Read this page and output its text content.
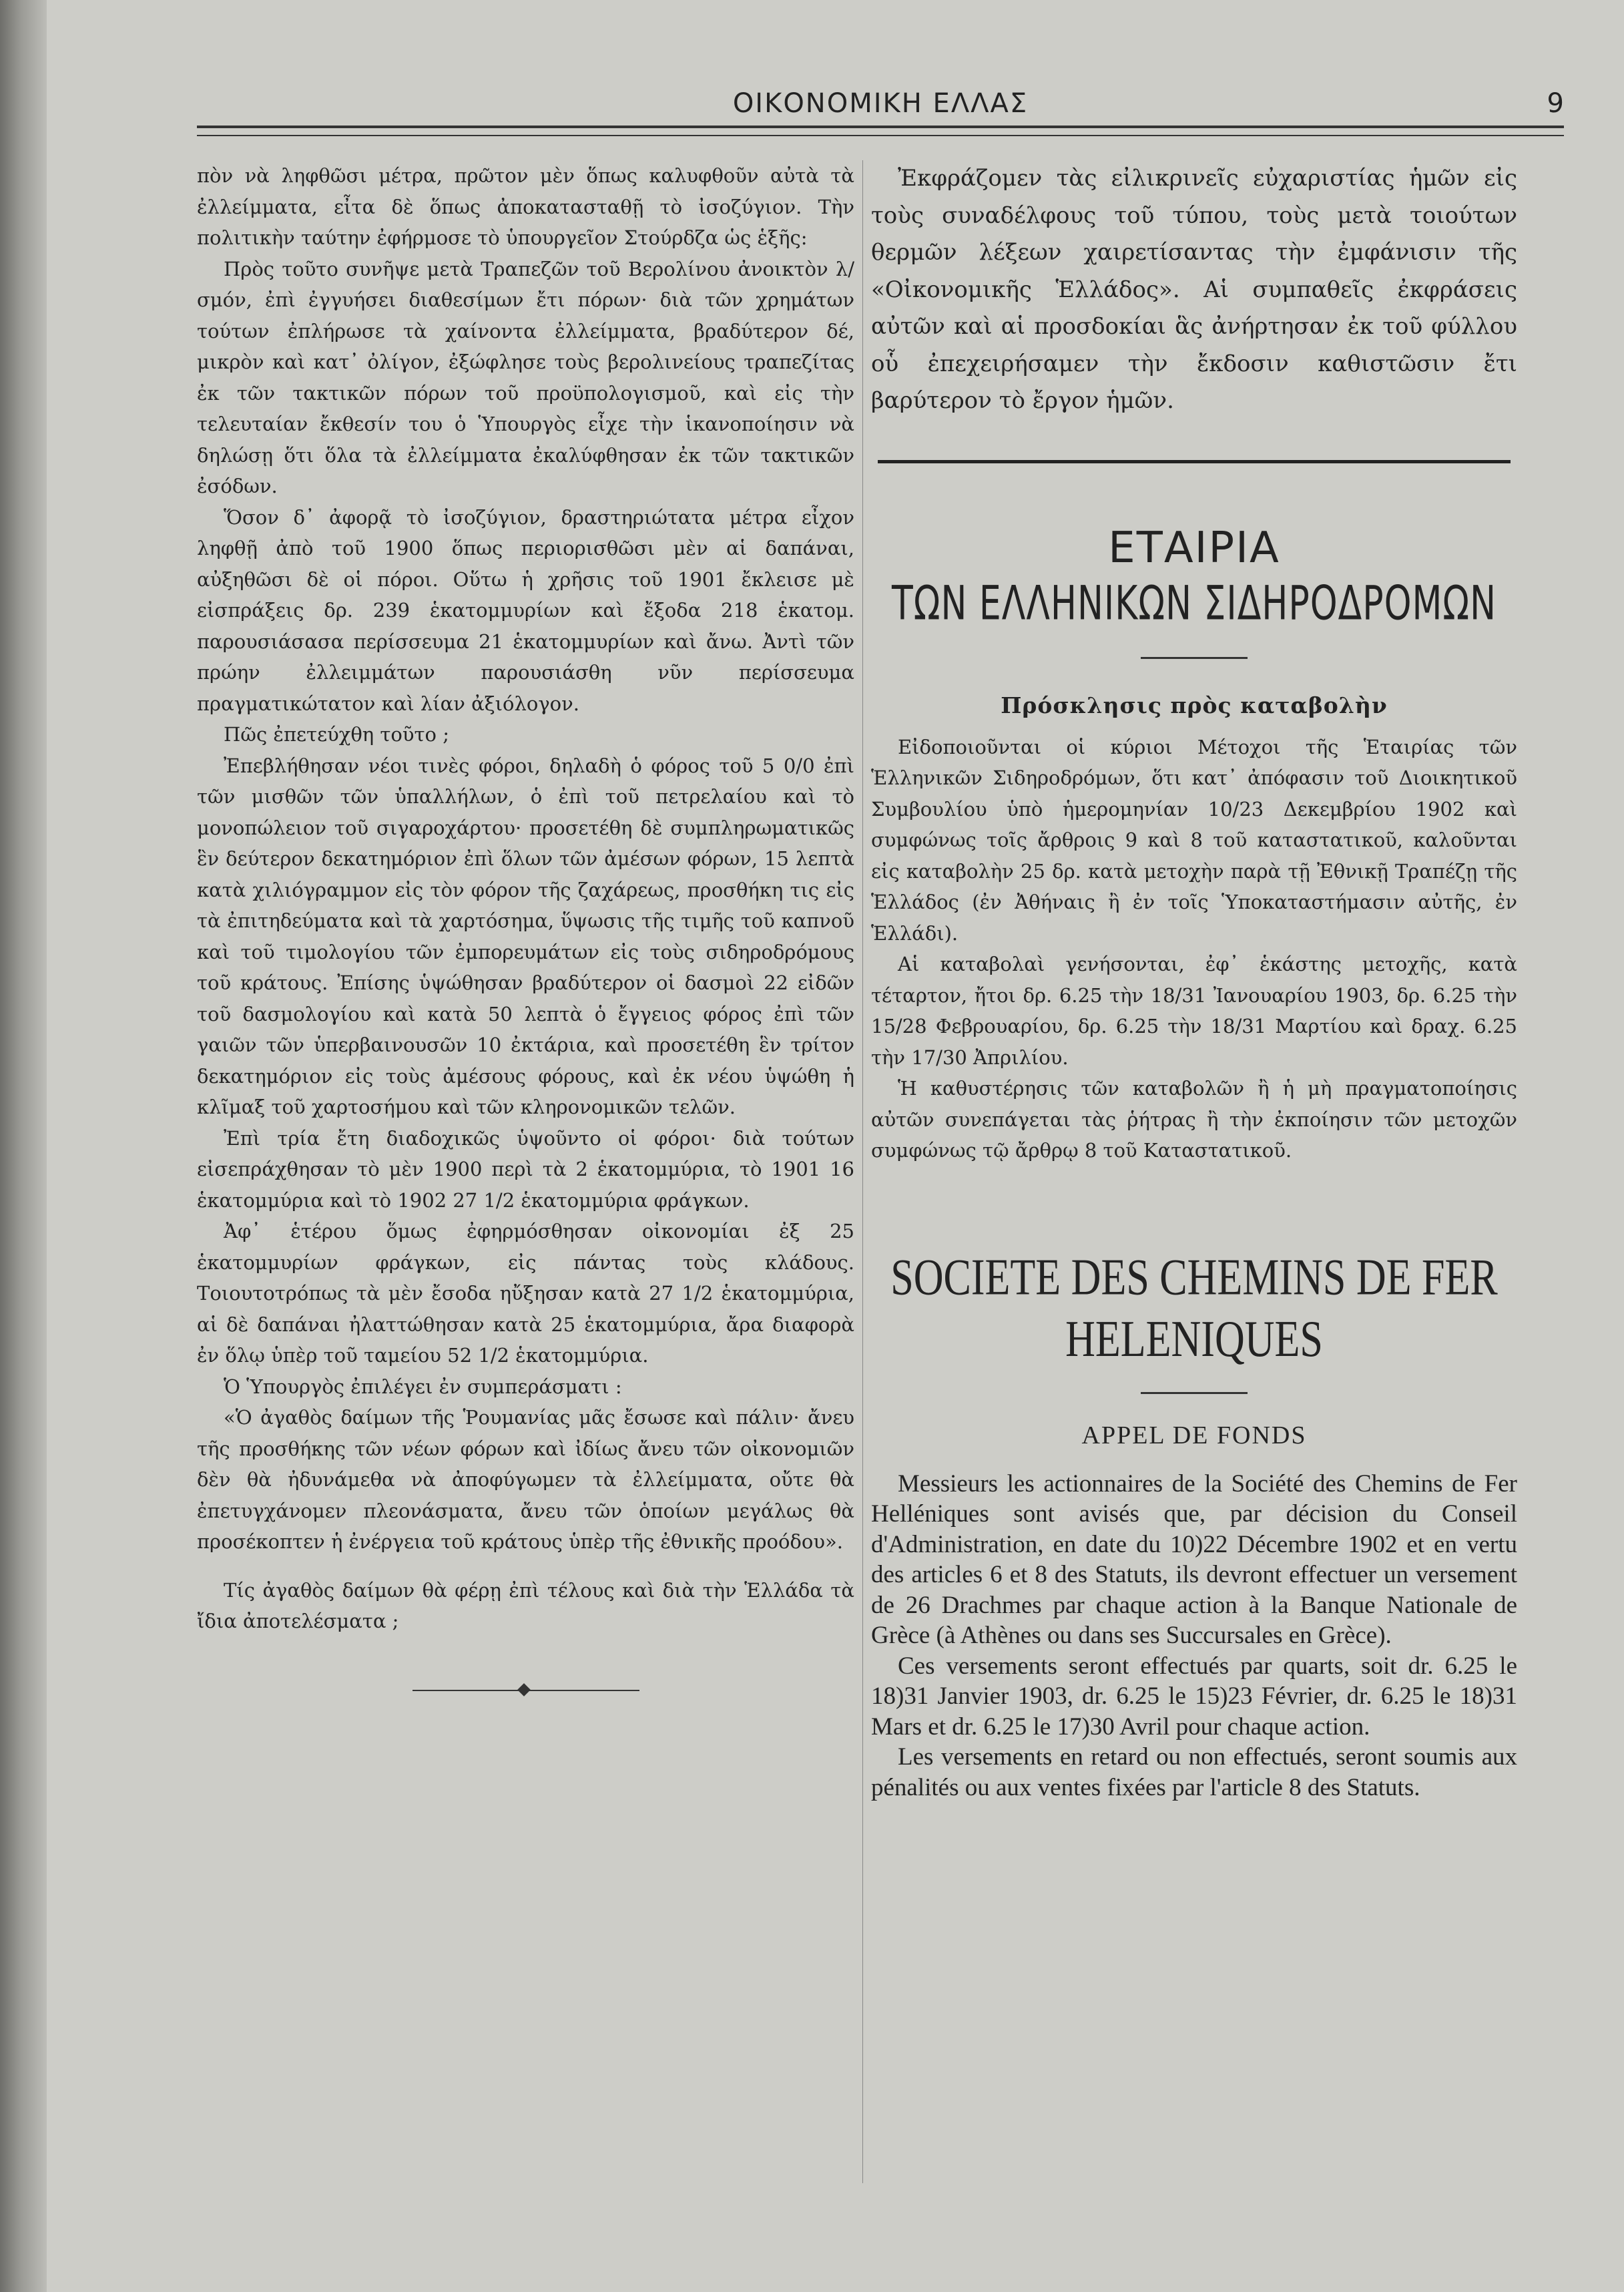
ΟΙΚΟΝΟΜΙΚΗ ΕΛΛΑΣ	9

πὸν νὰ ληφθῶσι μέτρα, πρῶτον μὲν ὅπως καλυφθοῦν αὐτὰ τὰ ἐλλείμματα, εἶτα δὲ ὅπως ἀποκατασταθῇ τὸ ἰσοζύγιον. Τὴν πολιτικὴν ταύτην ἐφήρμοσε τὸ ὑπουργεῖον Στούρδζα ὡς ἑξῆς:

Πρὸς τοῦτο συνῆψε μετὰ Τραπεζῶν τοῦ Βερολίνου ἀνοικτὸν λ/σμόν, ἐπὶ ἐγγυήσει διαθεσίμων ἔτι πόρων· διὰ τῶν χρημάτων τούτων ἐπλήρωσε τὰ χαίνοντα ἐλλείμματα, βραδύτερον δέ, μικρὸν καὶ κατ᾽ ὀλίγον, ἐξώφλησε τοὺς βερολινείους τραπεζίτας ἐκ τῶν τακτικῶν πόρων τοῦ προϋπολογισμοῦ, καὶ εἰς τὴν τελευταίαν ἔκθεσίν του ὁ Ὑπουργὸς εἶχε τὴν ἱκανοποίησιν νὰ δηλώσῃ ὅτι ὅλα τὰ ἐλλείμματα ἐκαλύφθησαν ἐκ τῶν τακτικῶν ἐσόδων.

Ὅσον δ᾽ ἀφορᾷ τὸ ἰσοζύγιον, δραστηριώτατα μέτρα εἶχον ληφθῇ ἀπὸ τοῦ 1900 ὅπως περιορισθῶσι μὲν αἱ δαπάναι, αὐξηθῶσι δὲ οἱ πόροι. Οὕτω ἡ χρῆσις τοῦ 1901 ἔκλεισε μὲ εἰσπράξεις δρ. 239 ἑκατομμυρίων καὶ ἔξοδα 218 ἑκατομ. παρουσιάσασα περίσσευμα 21 ἑκατομμυρίων καὶ ἄνω. Ἀντὶ τῶν πρώην ἐλλειμμάτων παρουσιάσθη νῦν περίσσευμα πραγματικώτατον καὶ λίαν ἀξιόλογον.

Πῶς ἐπετεύχθη τοῦτο ;

Ἐπεβλήθησαν νέοι τινὲς φόροι, δηλαδὴ ὁ φόρος τοῦ 5 0/0 ἐπὶ τῶν μισθῶν τῶν ὑπαλλήλων, ὁ ἐπὶ τοῦ πετρελαίου καὶ τὸ μονοπώλειον τοῦ σιγαροχάρτου· προσετέθη δὲ συμπληρωματικῶς ἓν δεύτερον δεκατημόριον ἐπὶ ὅλων τῶν ἀμέσων φόρων, 15 λεπτὰ κατὰ χιλιόγραμμον εἰς τὸν φόρον τῆς ζαχάρεως, προσθήκη τις εἰς τὰ ἐπιτηδεύματα καὶ τὰ χαρτόσημα, ὕψωσις τῆς τιμῆς τοῦ καπνοῦ καὶ τοῦ τιμολογίου τῶν ἐμπορευμάτων εἰς τοὺς σιδηροδρόμους τοῦ κράτους. Ἐπίσης ὑψώθησαν βραδύτερον οἱ δασμοὶ 22 εἰδῶν τοῦ δασμολογίου καὶ κατὰ 50 λεπτὰ ὁ ἔγγειος φόρος ἐπὶ τῶν γαιῶν τῶν ὑπερβαινουσῶν 10 ἐκτάρια, καὶ προσετέθη ἓν τρίτον δεκατημόριον εἰς τοὺς ἀμέσους φόρους, καὶ ἐκ νέου ὑψώθη ἡ κλῖμαξ τοῦ χαρτοσήμου καὶ τῶν κληρονομικῶν τελῶν.

Ἐπὶ τρία ἔτη διαδοχικῶς ὑψοῦντο οἱ φόροι· διὰ τούτων εἰσεπράχθησαν τὸ μὲν 1900 περὶ τὰ 2 ἑκατομμύρια, τὸ 1901 16 ἑκατομμύρια καὶ τὸ 1902 27 1/2 ἑκατομμύρια φράγκων.

Ἀφ᾽ ἑτέρου ὅμως ἐφηρμόσθησαν οἰκονομίαι ἐξ 25 ἑκατομμυρίων φράγκων, εἰς πάντας τοὺς κλάδους. Τοιουτοτρόπως τὰ μὲν ἔσοδα ηὔξησαν κατὰ 27 1/2 ἑκατομμύρια, αἱ δὲ δαπάναι ἠλαττώθησαν κατὰ 25 ἑκατομμύρια, ἄρα διαφορὰ ἐν ὅλῳ ὑπὲρ τοῦ ταμείου 52 1/2 ἑκατομμύρια.

Ὁ Ὑπουργὸς ἐπιλέγει ἐν συμπεράσματι :

«Ὁ ἀγαθὸς δαίμων τῆς Ῥουμανίας μᾶς ἔσωσε καὶ πάλιν· ἄνευ τῆς προσθήκης τῶν νέων φόρων καὶ ἰδίως ἄνευ τῶν οἰκονομιῶν δὲν θὰ ἠδυνάμεθα νὰ ἀποφύγωμεν τὰ ἐλλείμματα, οὔτε θὰ ἐπετυγχάνομεν πλεονάσματα, ἄνευ τῶν ὁποίων μεγάλως θὰ προσέκοπτεν ἡ ἐνέργεια τοῦ κράτους ὑπὲρ τῆς ἐθνικῆς προόδου».

Τίς ἀγαθὸς δαίμων θὰ φέρῃ ἐπὶ τέλους καὶ διὰ τὴν Ἑλλάδα τὰ ἴδια ἀποτελέσματα ;

Ἐκφράζομεν τὰς εἰλικρινεῖς εὐχαριστίας ἡμῶν εἰς τοὺς συναδέλφους τοῦ τύπου, τοὺς μετὰ τοιούτων θερμῶν λέξεων χαιρετίσαντας τὴν ἐμφάνισιν τῆς «Οἰκονομικῆς Ἑλλάδος». Αἱ συμπαθεῖς ἐκφράσεις αὐτῶν καὶ αἱ προσδοκίαι ἃς ἀνήρτησαν ἐκ τοῦ φύλλου οὗ ἐπεχειρήσαμεν τὴν ἔκδοσιν καθιστῶσιν ἔτι βαρύτερον τὸ ἔργον ἡμῶν.

ΕΤΑΙΡΙΑ
ΤΩΝ ΕΛΛΗΝΙΚΩΝ ΣΙΔΗΡΟΔΡΟΜΩΝ
Πρόσκλησις πρὸς καταβολὴν

Εἰδοποιοῦνται οἱ κύριοι Μέτοχοι τῆς Ἑταιρίας τῶν Ἑλληνικῶν Σιδηροδρόμων, ὅτι κατ᾽ ἀπόφασιν τοῦ Διοικητικοῦ Συμβουλίου ὑπὸ ἡμερομηνίαν 10/23 Δεκεμβρίου 1902 καὶ συμφώνως τοῖς ἄρθροις 9 καὶ 8 τοῦ καταστατικοῦ, καλοῦνται εἰς καταβολὴν 25 δρ. κατὰ μετοχὴν παρὰ τῇ Ἐθνικῇ Τραπέζῃ τῆς Ἑλλάδος (ἐν Ἀθήναις ἢ ἐν τοῖς Ὑποκαταστήμασιν αὐτῆς, ἐν Ἑλλάδι).

Αἱ καταβολαὶ γενήσονται, ἐφ᾽ ἑκάστης μετοχῆς, κατὰ τέταρτον, ἤτοι δρ. 6.25 τὴν 18/31 Ἰανουαρίου 1903, δρ. 6.25 τὴν 15/28 Φεβρουαρίου, δρ. 6.25 τὴν 18/31 Μαρτίου καὶ δραχ. 6.25 τὴν 17/30 Ἀπριλίου.

Ἡ καθυστέρησις τῶν καταβολῶν ἢ ἡ μὴ πραγματοποίησις αὐτῶν συνεπάγεται τὰς ῥήτρας ἢ τὴν ἐκποίησιν τῶν μετοχῶν συμφώνως τῷ ἄρθρῳ 8 τοῦ Καταστατικοῦ.

SOCIETE DES CHEMINS DE FER HELENIQUES
APPEL DE FONDS

Messieurs les actionnaires de la Société des Chemins de Fer Helléniques sont avisés que, par décision du Conseil d'Administration, en date du 10)22 Décembre 1902 et en vertu des articles 6 et 8 des Statuts, ils devront effectuer un versement de 26 Drachmes par chaque action à la Banque Nationale de Grèce (à Athènes ou dans ses Succursales en Grèce).

Ces versements seront effectués par quarts, soit dr. 6.25 le 18)31 Janvier 1903, dr. 6.25 le 15)23 Février, dr. 6.25 le 18)31 Mars et dr. 6.25 le 17)30 Avril pour chaque action.

Les versements en retard ou non effectués, seront soumis aux pénalités ou aux ventes fixées par l'article 8 des Statuts.
